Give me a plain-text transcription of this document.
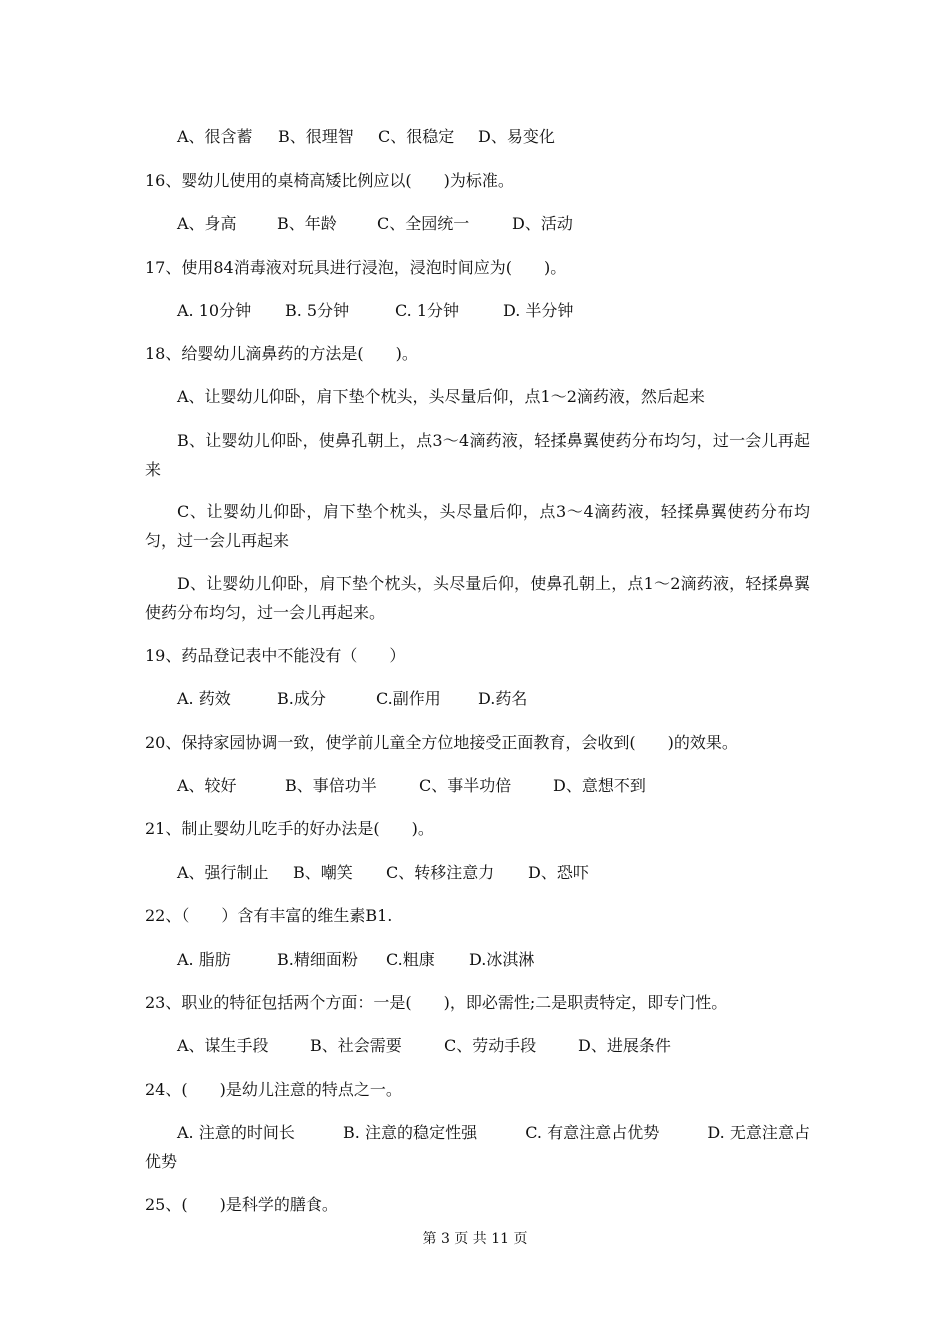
A、很含蓄 B、很理智 C、很稳定 D、易变化
16、婴幼儿使用的桌椅高矮比例应以(　　)为标准。
A、身高	B、年龄	C、全园统一	D、活动
17、使用84消毒液对玩具进行浸泡，浸泡时间应为(　　)。
A. 10分钟 B. 5分钟	C. 1分钟	D. 半分钟
18、给婴幼儿滴鼻药的方法是(　　)。
A、让婴幼儿仰卧，肩下垫个枕头，头尽量后仰，点1～2滴药液，然后起来
B、让婴幼儿仰卧，使鼻孔朝上，点3～4滴药液，轻揉鼻翼使药分布均匀，过一会儿再起来
C、让婴幼儿仰卧，肩下垫个枕头，头尽量后仰，点3～4滴药液，轻揉鼻翼使药分布均匀，过一会儿再起来
D、让婴幼儿仰卧，肩下垫个枕头，头尽量后仰，使鼻孔朝上，点1～2滴药液，轻揉鼻翼使药分布均匀，过一会儿再起来。
19、药品登记表中不能没有（　　）
A. 药效	B.成分	C.副作用 D.药名
20、保持家园协调一致，使学前儿童全方位地接受正面教育，会收到(　　)的效果。
A、较好	B、事倍功半	C、事半功倍	D、意想不到
21、制止婴幼儿吃手的好办法是(　　)。
A、强行制止 B、嘲笑 C、转移注意力 D、恐吓
22、（　　）含有丰富的维生素B1.
A. 脂肪	B.精细面粉 C.粗康 D.冰淇淋
23、职业的特征包括两个方面：一是(　　)，即必需性;二是职责特定，即专门性。
A、谋生手段	B、社会需要	C、劳动手段	D、进展条件
24、(　　)是幼儿注意的特点之一。
A. 注意的时间长　　　B. 注意的稳定性强　　　C. 有意注意占优势　　　D. 无意注意占优势
25、(　　)是科学的膳食。
第 3 页 共 11 页
